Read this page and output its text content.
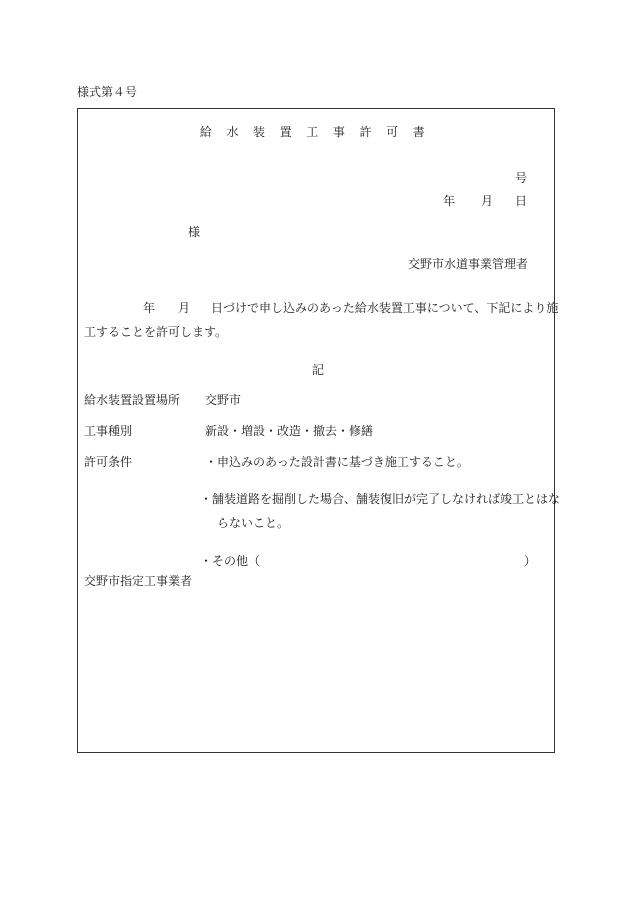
様式第４号
給 水 装 置 工 事 許 可 書
号
年 月 日
様
交野市水道事業管理者
年 月 日づけで申し込みのあった給水装置工事について、下記により施
工することを許可します。
記
給水装置設置場所 交野市
工事種別	新設・増設・改造・撤去・修繕
許可条件	・申込みのあった設計書に基づき施工すること。
・舗装道路を掘削した場合、舗装復旧が完了しなければ竣工とはな
らないこと。
・その他（	）
交野市指定工事業者
